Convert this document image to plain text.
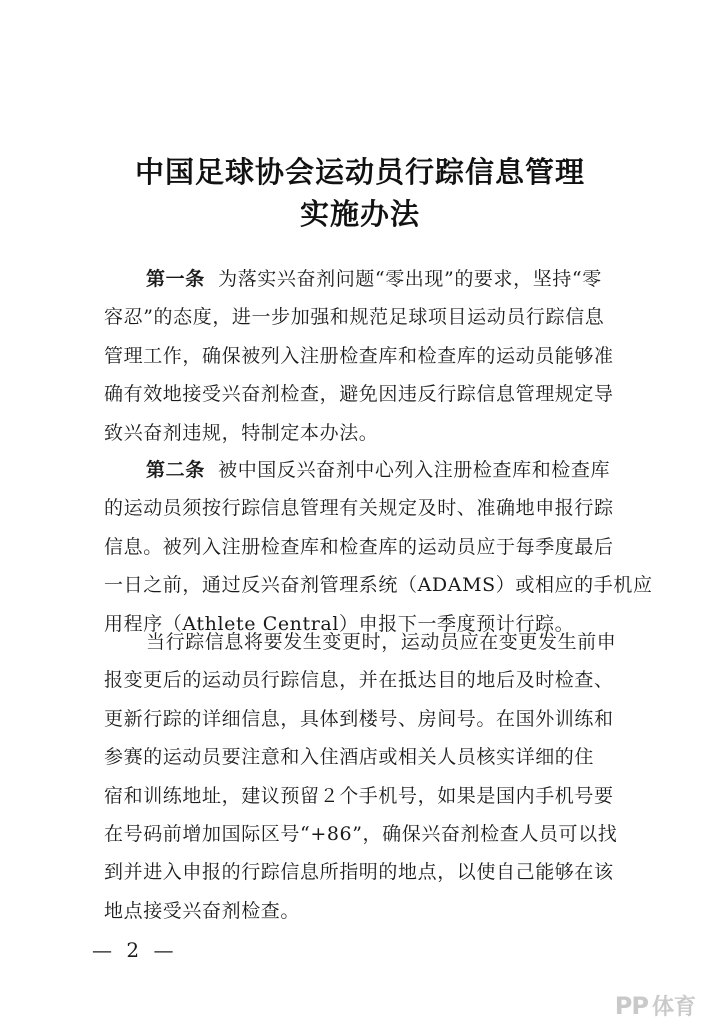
中国足球协会运动员行踪信息管理
实施办法
第一条 为落实兴奋剂问题“零出现”的要求，坚持“零
容忍”的态度，进一步加强和规范足球项目运动员行踪信息
管理工作，确保被列入注册检查库和检查库的运动员能够准
确有效地接受兴奋剂检查，避免因违反行踪信息管理规定导
致兴奋剂违规，特制定本办法。
第二条 被中国反兴奋剂中心列入注册检查库和检查库
的运动员须按行踪信息管理有关规定及时、准确地申报行踪
信息。被列入注册检查库和检查库的运动员应于每季度最后
一日之前，通过反兴奋剂管理系统（ADAMS）或相应的手机应
用程序（Athlete Central）申报下一季度预计行踪。
当行踪信息将要发生变更时，运动员应在变更发生前申
报变更后的运动员行踪信息，并在抵达目的地后及时检查、
更新行踪的详细信息，具体到楼号、房间号。在国外训练和
参赛的运动员要注意和入住酒店或相关人员核实详细的住
宿和训练地址，建议预留２个手机号，如果是国内手机号要
在号码前增加国际区号“+86”，确保兴奋剂检查人员可以找
到并进入申报的行踪信息所指明的地点，以使自己能够在该
地点接受兴奋剂检查。
— 2 —
PP 体育
